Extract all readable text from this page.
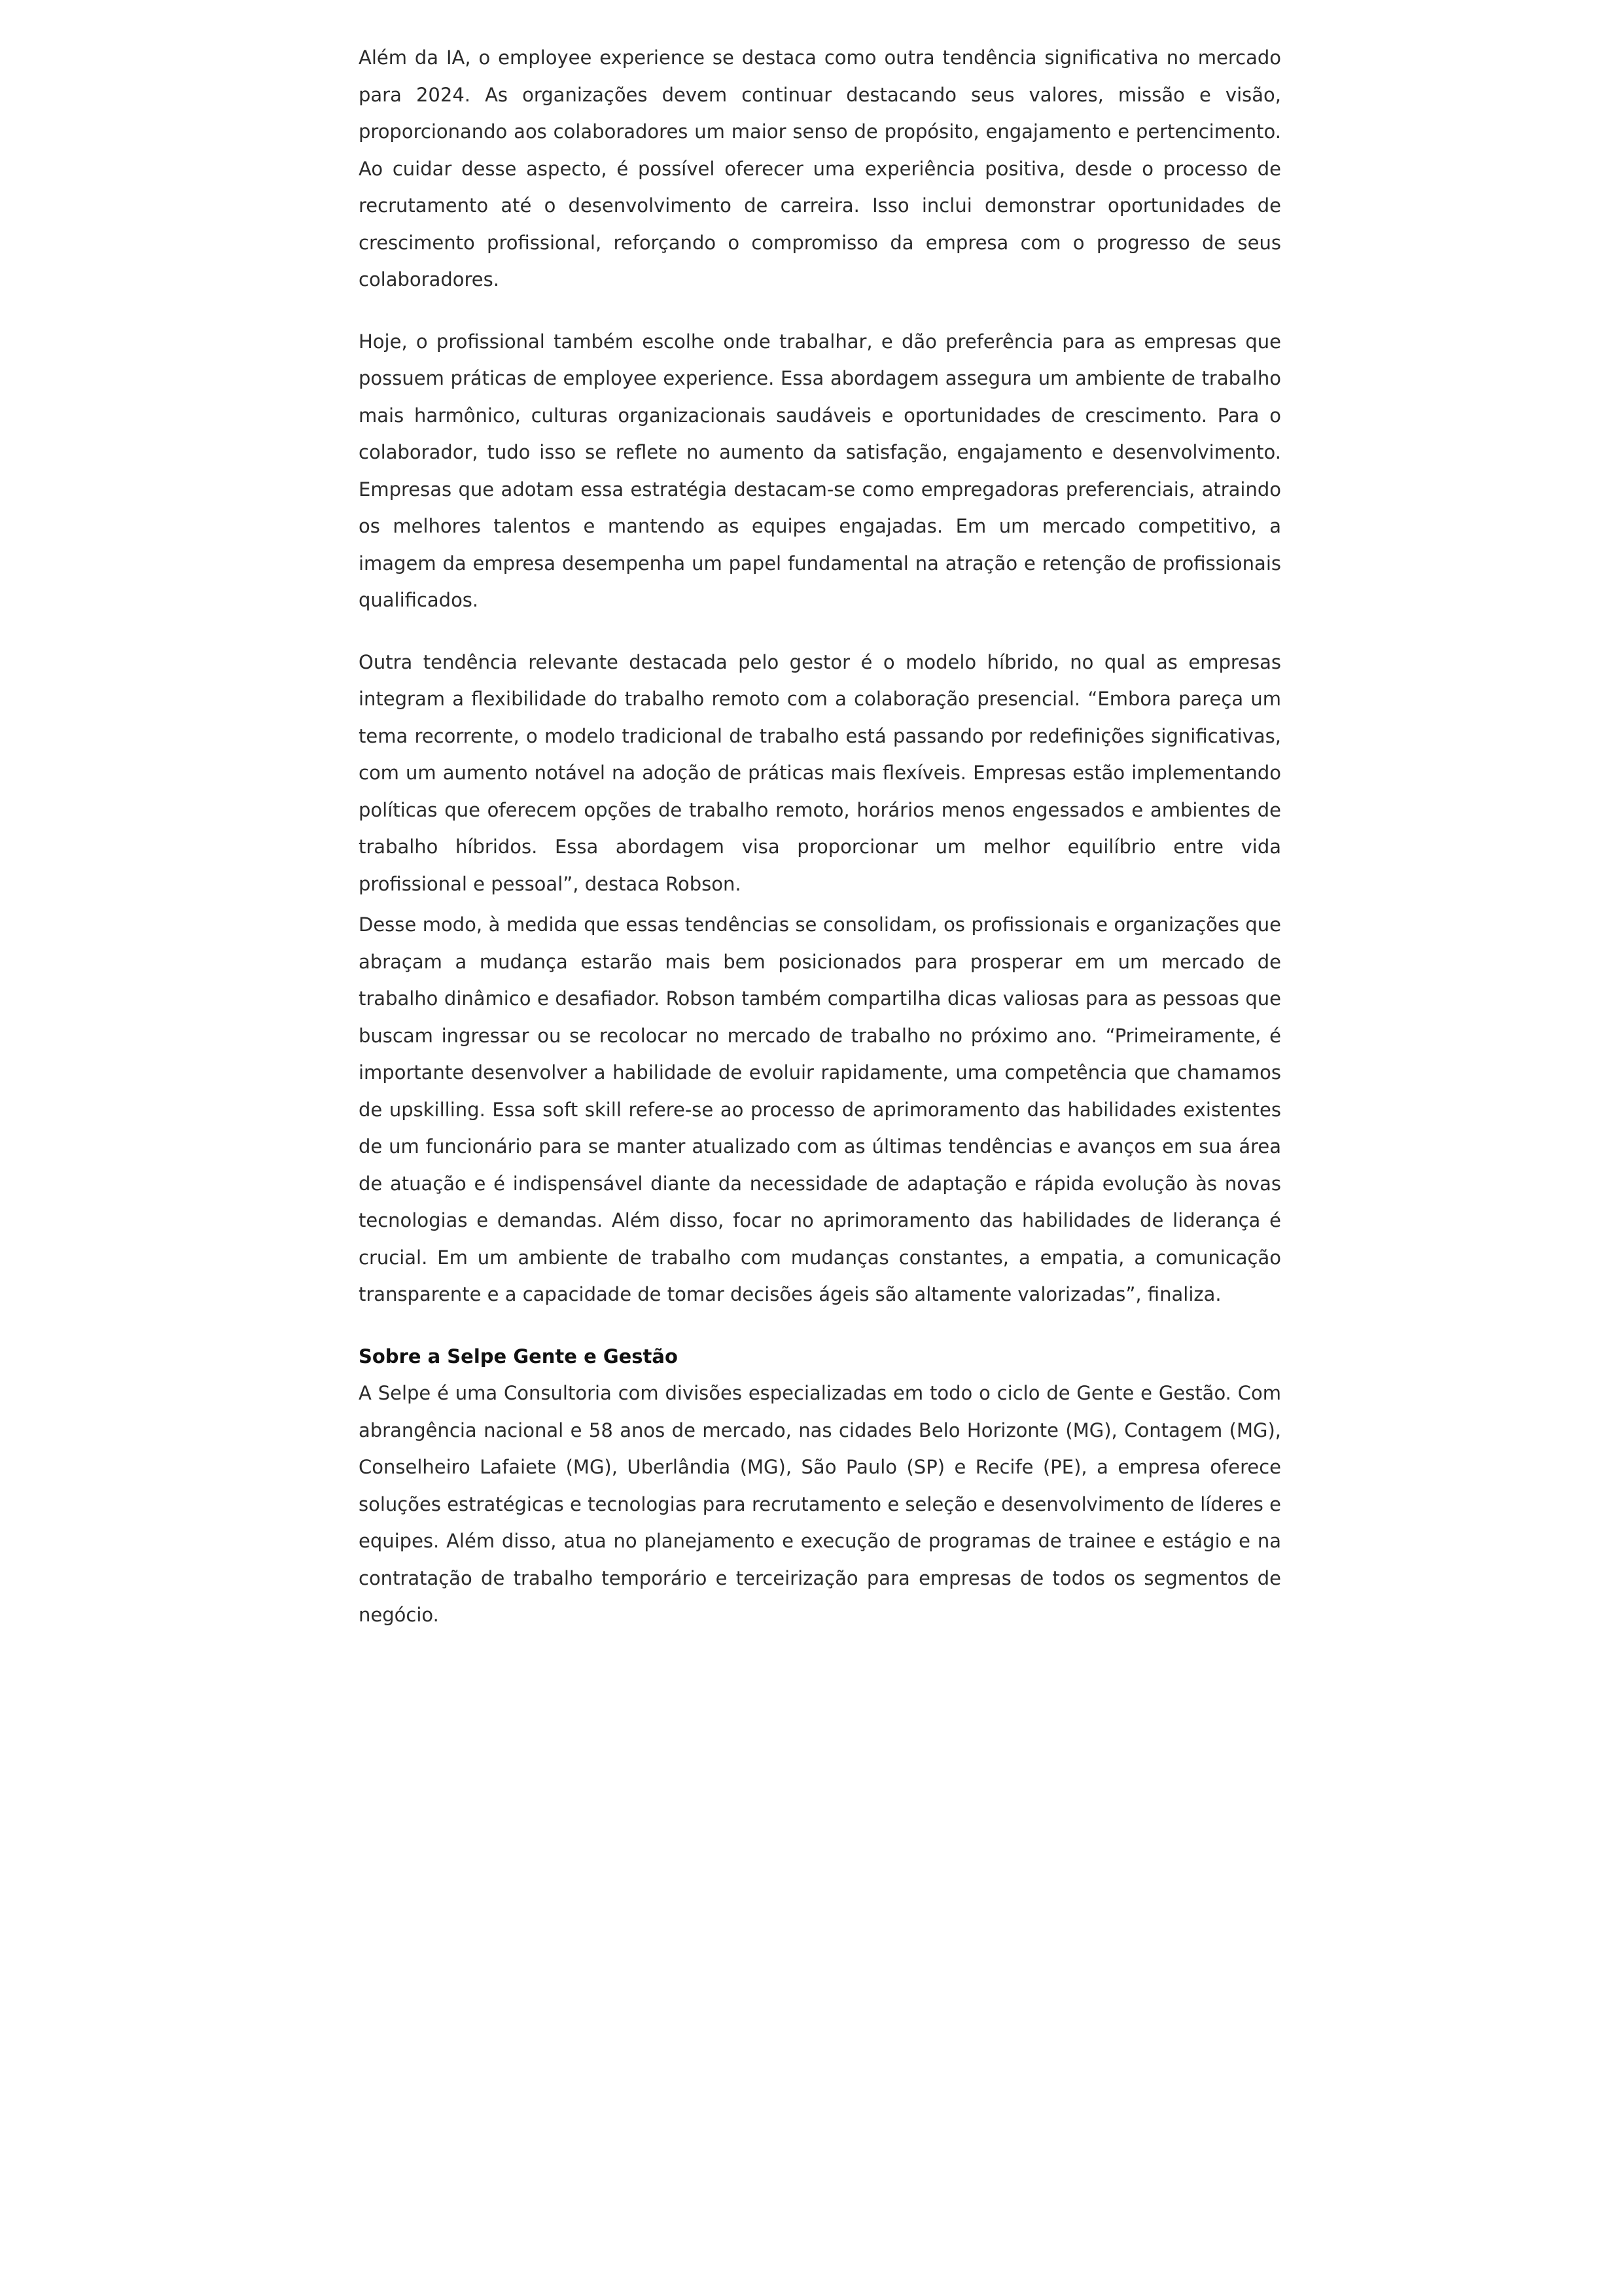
Além da IA, o employee experience se destaca como outra tendência significativa no mercado para 2024. As organizações devem continuar destacando seus valores, missão e visão, proporcionando aos colaboradores um maior senso de propósito, engajamento e pertencimento. Ao cuidar desse aspecto, é possível oferecer uma experiência positiva, desde o processo de recrutamento até o desenvolvimento de carreira. Isso inclui demonstrar oportunidades de crescimento profissional, reforçando o compromisso da empresa com o progresso de seus colaboradores.

Hoje, o profissional também escolhe onde trabalhar, e dão preferência para as empresas que possuem práticas de employee experience. Essa abordagem assegura um ambiente de trabalho mais harmônico, culturas organizacionais saudáveis e oportunidades de crescimento. Para o colaborador, tudo isso se reflete no aumento da satisfação, engajamento e desenvolvimento. Empresas que adotam essa estratégia destacam-se como empregadoras preferenciais, atraindo os melhores talentos e mantendo as equipes engajadas. Em um mercado competitivo, a imagem da empresa desempenha um papel fundamental na atração e retenção de profissionais qualificados.

Outra tendência relevante destacada pelo gestor é o modelo híbrido, no qual as empresas integram a flexibilidade do trabalho remoto com a colaboração presencial. “Embora pareça um tema recorrente, o modelo tradicional de trabalho está passando por redefinições significativas, com um aumento notável na adoção de práticas mais flexíveis. Empresas estão implementando políticas que oferecem opções de trabalho remoto, horários menos engessados e ambientes de trabalho híbridos. Essa abordagem visa proporcionar um melhor equilíbrio entre vida profissional e pessoal”, destaca Robson.

Desse modo, à medida que essas tendências se consolidam, os profissionais e organizações que abraçam a mudança estarão mais bem posicionados para prosperar em um mercado de trabalho dinâmico e desafiador. Robson também compartilha dicas valiosas para as pessoas que buscam ingressar ou se recolocar no mercado de trabalho no próximo ano. “Primeiramente, é importante desenvolver a habilidade de evoluir rapidamente, uma competência que chamamos de upskilling. Essa soft skill refere-se ao processo de aprimoramento das habilidades existentes de um funcionário para se manter atualizado com as últimas tendências e avanços em sua área de atuação e é indispensável diante da necessidade de adaptação e rápida evolução às novas tecnologias e demandas. Além disso, focar no aprimoramento das habilidades de liderança é crucial. Em um ambiente de trabalho com mudanças constantes, a empatia, a comunicação transparente e a capacidade de tomar decisões ágeis são altamente valorizadas”, finaliza.

Sobre a Selpe Gente e Gestão

A Selpe é uma Consultoria com divisões especializadas em todo o ciclo de Gente e Gestão. Com abrangência nacional e 58 anos de mercado, nas cidades Belo Horizonte (MG), Contagem (MG), Conselheiro Lafaiete (MG), Uberlândia (MG), São Paulo (SP) e Recife (PE), a empresa oferece soluções estratégicas e tecnologias para recrutamento e seleção e desenvolvimento de líderes e equipes. Além disso, atua no planejamento e execução de programas de trainee e estágio e na contratação de trabalho temporário e terceirização para empresas de todos os segmentos de negócio.
